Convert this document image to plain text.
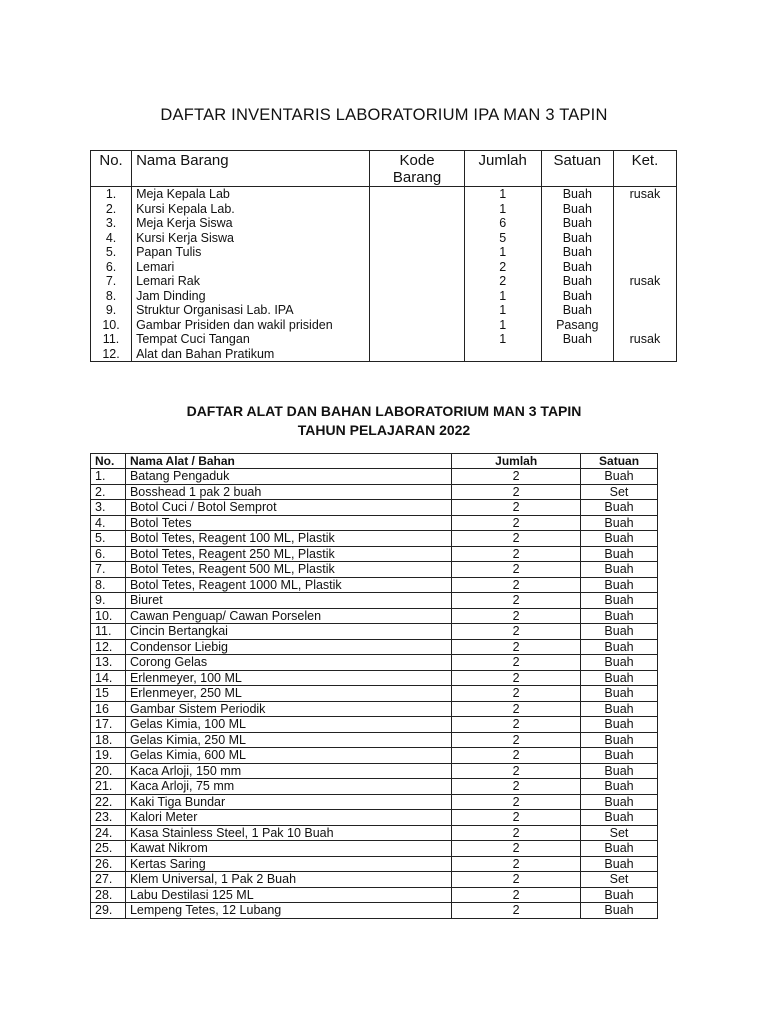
DAFTAR INVENTARIS LABORATORIUM IPA MAN 3 TAPIN
No.	Nama Barang	Kode Barang	Jumlah	Satuan	Ket.
1.	Meja Kepala Lab		1	Buah	rusak
2.	Kursi Kepala Lab.		1	Buah	
3.	Meja Kerja Siswa		6	Buah	
4.	Kursi Kerja Siswa		5	Buah	
5.	Papan Tulis		1	Buah	
6.	Lemari		2	Buah	
7.	Lemari Rak		2	Buah	rusak
8.	Jam Dinding		1	Buah	
9.	Struktur Organisasi Lab. IPA		1	Buah	
10.	Gambar Prisiden dan wakil prisiden		1	Pasang	
11.	Tempat Cuci Tangan		1	Buah	rusak
12.	Alat dan Bahan Pratikum				
DAFTAR ALAT DAN BAHAN LABORATORIUM MAN 3 TAPIN
TAHUN PELAJARAN 2022
No.	Nama Alat / Bahan	Jumlah	Satuan
1.	Batang Pengaduk	2	Buah
2.	Bosshead 1 pak 2 buah	2	Set
3.	Botol Cuci / Botol Semprot	2	Buah
4.	Botol Tetes	2	Buah
5.	Botol Tetes, Reagent 100 ML, Plastik	2	Buah
6.	Botol Tetes, Reagent 250 ML, Plastik	2	Buah
7.	Botol Tetes, Reagent 500 ML, Plastik	2	Buah
8.	Botol Tetes, Reagent 1000 ML, Plastik	2	Buah
9.	Biuret	2	Buah
10.	Cawan Penguap/ Cawan Porselen	2	Buah
11.	Cincin Bertangkai	2	Buah
12.	Condensor Liebig	2	Buah
13.	Corong Gelas	2	Buah
14.	Erlenmeyer, 100 ML	2	Buah
15	Erlenmeyer, 250 ML	2	Buah
16	Gambar Sistem Periodik	2	Buah
17.	Gelas Kimia, 100 ML	2	Buah
18.	Gelas Kimia, 250 ML	2	Buah
19.	Gelas Kimia, 600 ML	2	Buah
20.	Kaca Arloji, 150 mm	2	Buah
21.	Kaca Arloji, 75 mm	2	Buah
22.	Kaki Tiga Bundar	2	Buah
23.	Kalori Meter	2	Buah
24.	Kasa Stainless Steel, 1 Pak 10 Buah	2	Set
25.	Kawat Nikrom	2	Buah
26.	Kertas Saring	2	Buah
27.	Klem Universal, 1 Pak 2 Buah	2	Set
28.	Labu Destilasi 125 ML	2	Buah
29.	Lempeng Tetes, 12 Lubang	2	Buah
